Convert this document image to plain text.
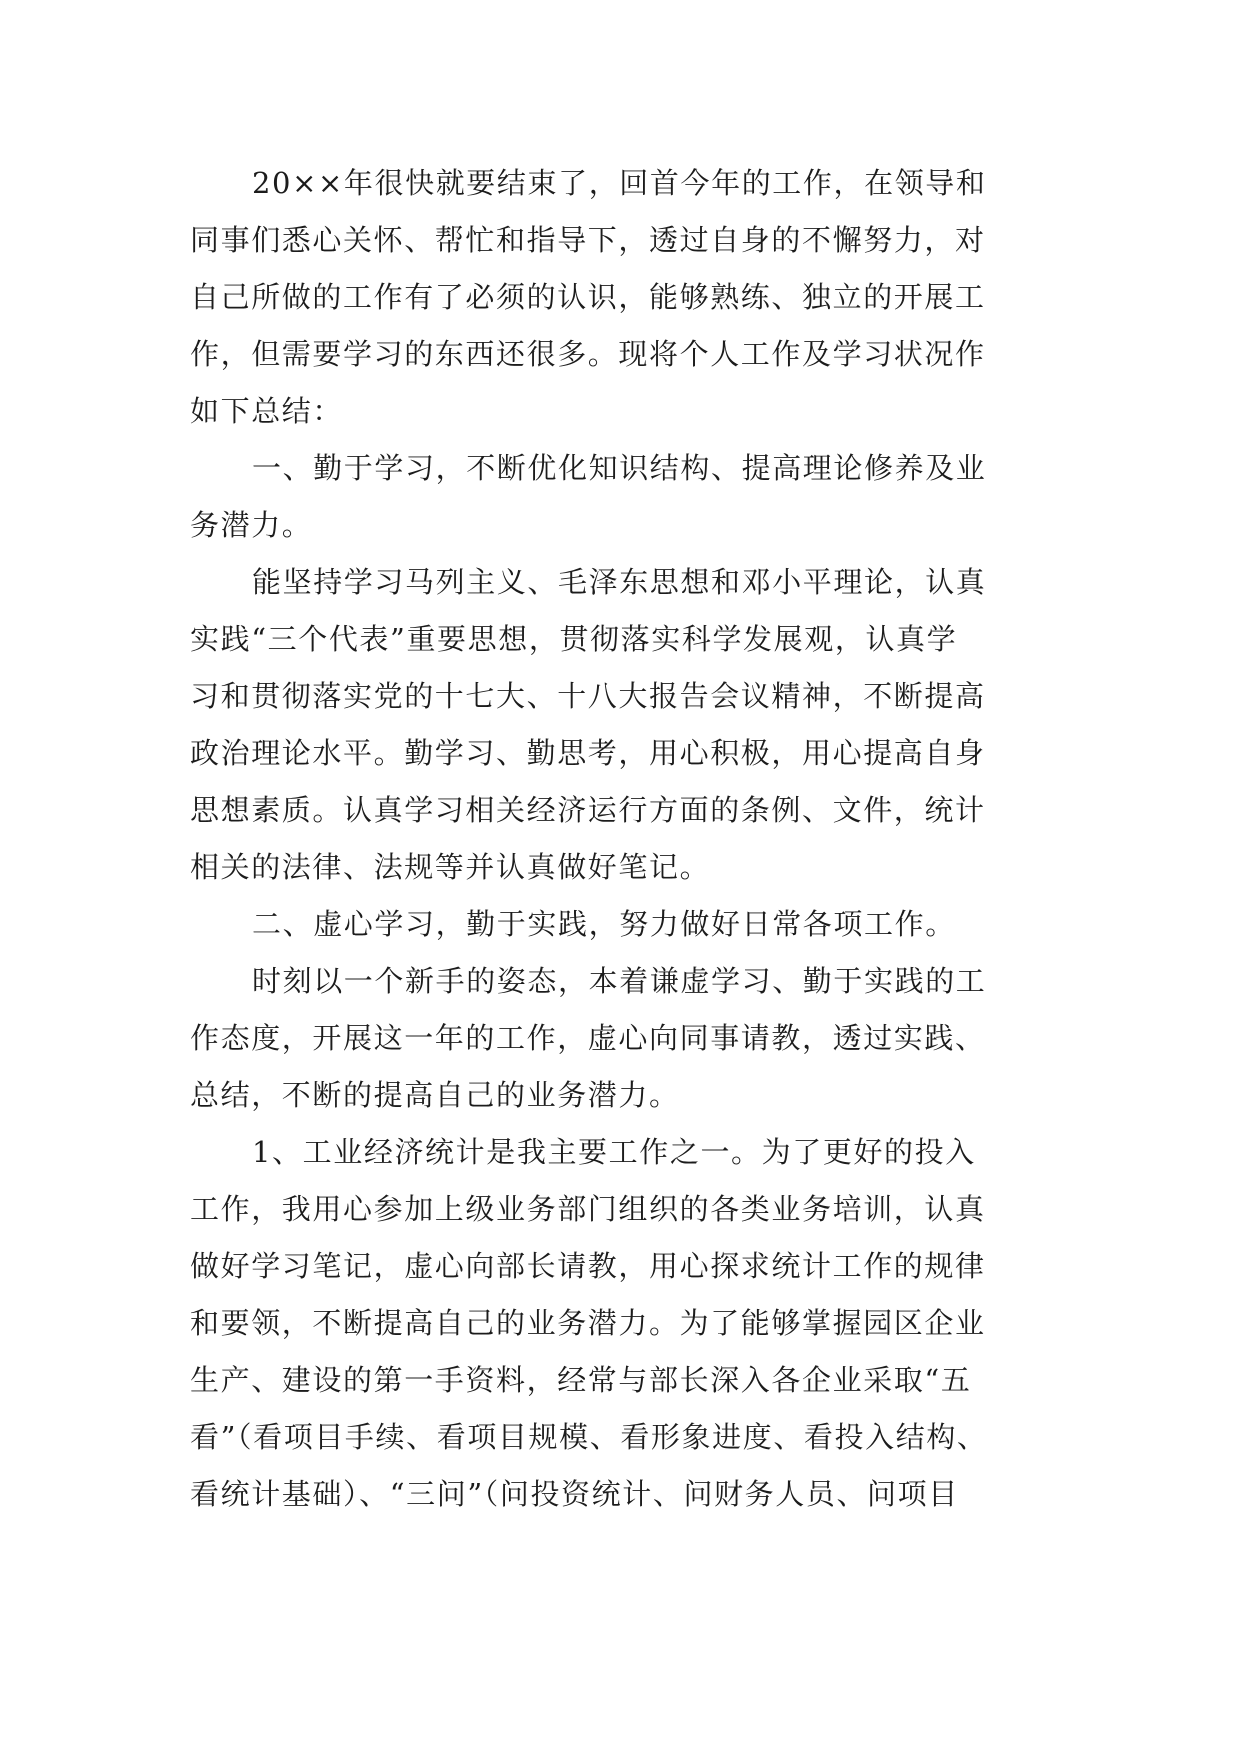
20××年很快就要结束了，回首今年的工作，在领导和
同事们悉心关怀、帮忙和指导下，透过自身的不懈努力，对
自己所做的工作有了必须的认识，能够熟练、独立的开展工
作，但需要学习的东西还很多。现将个人工作及学习状况作
如下总结：
一、勤于学习，不断优化知识结构、提高理论修养及业
务潜力。
能坚持学习马列主义、毛泽东思想和邓小平理论，认真
实践“三个代表”重要思想，贯彻落实科学发展观，认真学
习和贯彻落实党的十七大、十八大报告会议精神，不断提高
政治理论水平。勤学习、勤思考，用心积极，用心提高自身
思想素质。认真学习相关经济运行方面的条例、文件，统计
相关的法律、法规等并认真做好笔记。
二、虚心学习，勤于实践，努力做好日常各项工作。
时刻以一个新手的姿态，本着谦虚学习、勤于实践的工
作态度，开展这一年的工作，虚心向同事请教，透过实践、
总结，不断的提高自己的业务潜力。
1、工业经济统计是我主要工作之一。为了更好的投入
工作，我用心参加上级业务部门组织的各类业务培训，认真
做好学习笔记，虚心向部长请教，用心探求统计工作的规律
和要领，不断提高自己的业务潜力。为了能够掌握园区企业
生产、建设的第一手资料，经常与部长深入各企业采取“五
看”（看项目手续、看项目规模、看形象进度、看投入结构、
看统计基础）、“三问”（问投资统计、问财务人员、问项目
